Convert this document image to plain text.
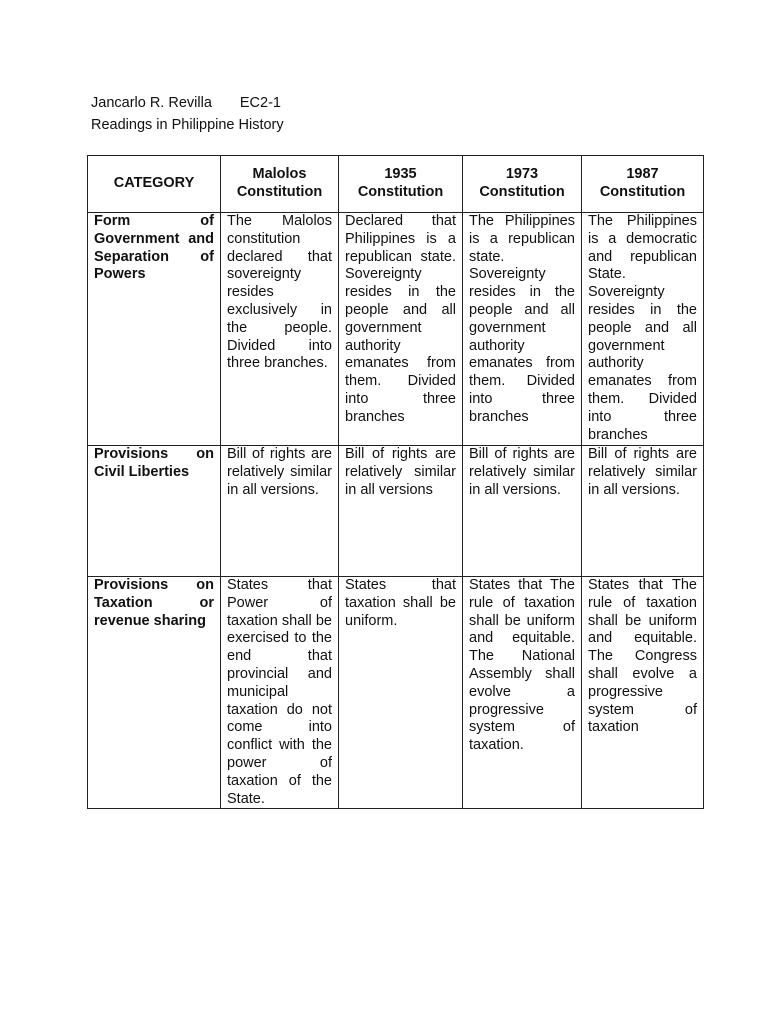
Jancarlo R. Revilla EC2-1
Readings in Philippine History
CATEGORY	Malolos Constitution	1935 Constitution	1973 Constitution	1987 Constitution
Form of Government and Separation of Powers	The Malolos constitution declared that sovereignty resides exclusively in the people. Divided into three branches.	Declared that Philippines is a republican state. Sovereignty resides in the people and all government authority emanates from them. Divided into three branches	The Philippines is a republican state. Sovereignty resides in the people and all government authority emanates from them. Divided into three branches	The Philippines is a democratic and republican State. Sovereignty resides in the people and all government authority emanates from them. Divided into three branches
Provisions on Civil Liberties	Bill of rights are relatively similar in all versions.	Bill of rights are relatively similar in all versions	Bill of rights are relatively similar in all versions.	Bill of rights are relatively similar in all versions.
Provisions on Taxation or revenue sharing	States that Power of taxation shall be exercised to the end that provincial and municipal taxation do not come into conflict with the power of taxation of the State.	States that taxation shall be uniform.	States that The rule of taxation shall be uniform and equitable. The National Assembly shall evolve a progressive system of taxation.	States that The rule of taxation shall be uniform and equitable. The Congress shall evolve a progressive system of taxation
